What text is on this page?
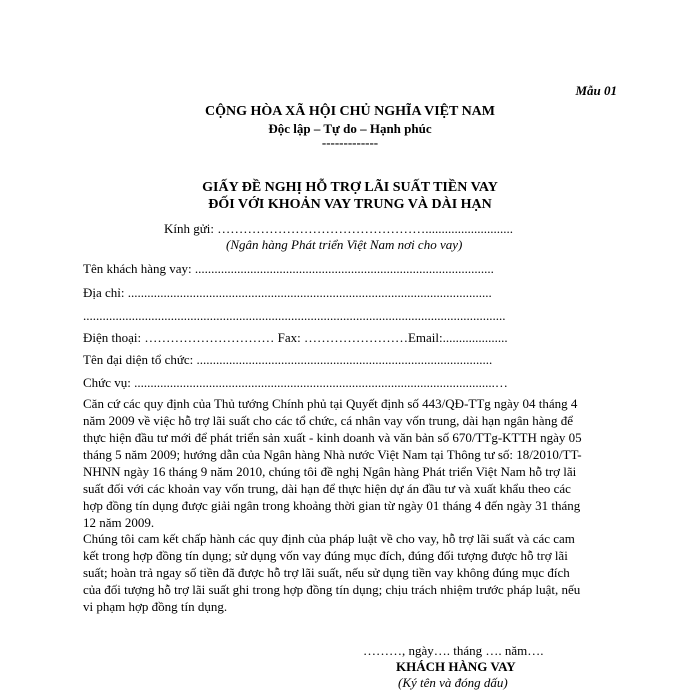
Mẫu 01
CỘNG HÒA XÃ HỘI CHỦ NGHĨA VIỆT NAM
Độc lập – Tự do – Hạnh phúc
-------------
GIẤY ĐỀ NGHỊ HỖ TRỢ LÃI SUẤT TIỀN VAY
ĐỐI VỚI KHOẢN VAY TRUNG VÀ DÀI HẠN
Kính gửi: …………………………………………...........................
(Ngân hàng Phát triển Việt Nam nơi cho vay)
Tên khách hàng vay: ............................................................................................
Địa chỉ: ................................................................................................................
..................................................................................................................................
Điện thoại: ………………………… Fax: ……………………Email:....................
Tên đại diện tổ chức: ...........................................................................................
Chức vụ: ...............................................................................................................…
Căn cứ các quy định của Thủ tướng Chính phủ tại Quyết định số 443/QĐ-TTg ngày 04 tháng 4
năm 2009 về việc hỗ trợ lãi suất cho các tổ chức, cá nhân vay vốn trung, dài hạn ngân hàng để
thực hiện đầu tư mới để phát triển sản xuất - kinh doanh và văn bản số 670/TTg-KTTH ngày 05
tháng 5 năm 2009; hướng dẫn của Ngân hàng Nhà nước Việt Nam tại Thông tư số: 18/2010/TT-
NHNN ngày 16 tháng 9 năm 2010, chúng tôi đề nghị Ngân hàng Phát triển Việt Nam hỗ trợ lãi
suất đối với các khoản vay vốn trung, dài hạn để thực hiện dự án đầu tư và xuất khẩu theo các
hợp đồng tín dụng được giải ngân trong khoảng thời gian từ ngày 01 tháng 4 đến ngày 31 tháng
12 năm 2009.
Chúng tôi cam kết chấp hành các quy định của pháp luật về cho vay, hỗ trợ lãi suất và các cam
kết trong hợp đồng tín dụng; sử dụng vốn vay đúng mục đích, đúng đối tượng được hỗ trợ lãi
suất; hoàn trả ngay số tiền đã được hỗ trợ lãi suất, nếu sử dụng tiền vay không đúng mục đích
của đối tượng hỗ trợ lãi suất ghi trong hợp đồng tín dụng; chịu trách nhiệm trước pháp luật, nếu
vi phạm hợp đồng tín dụng.
………, ngày…. tháng …. năm….
KHÁCH HÀNG VAY
(Ký tên và đóng dấu)
